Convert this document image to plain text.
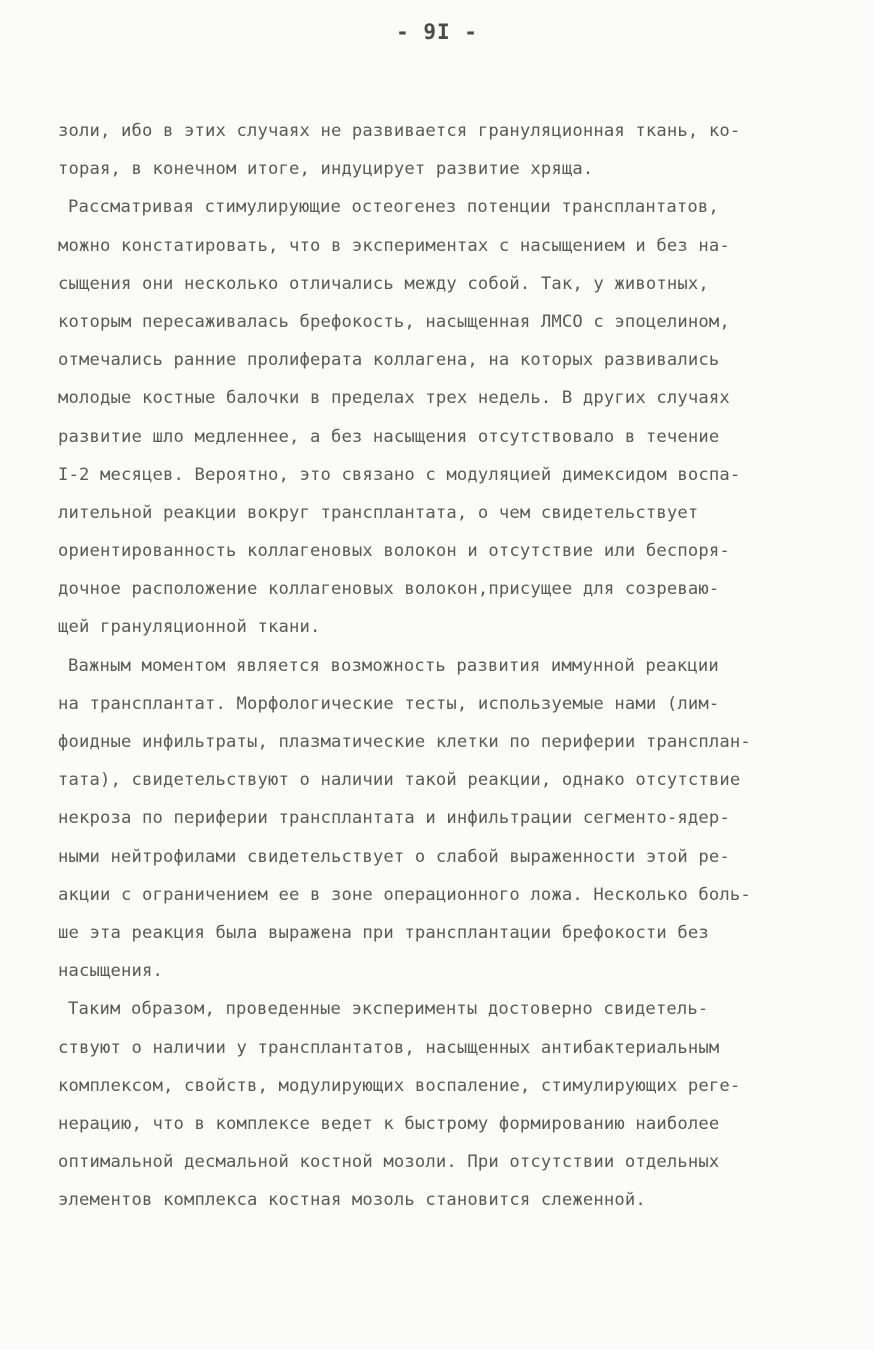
- 9I -
золи, ибо в этих случаях не развивается грануляционная ткань, ко-
торая, в конечном итоге, индуцирует развитие хряща.
Рассматривая стимулирующие остеогенез потенции трансплантатов,
можно констатировать, что в экспериментах с насыщением и без на-
сыщения они несколько отличались между собой. Так, у животных,
которым пересаживалась брефокость, насыщенная ЛМСО с эпоцелином,
отмечались ранние пролиферата коллагена, на которых развивались
молодые костные балочки в пределах трех недель. В других случаях
развитие шло медленнее, а без насыщения отсутствовало в течение
I-2 месяцев. Вероятно, это связано с модуляцией димексидом воспа-
лительной реакции вокруг трансплантата, о чем свидетельствует
ориентированность коллагеновых волокон и отсутствие или беспоря-
дочное расположение коллагеновых волокон,присущее для созреваю-
щей грануляционной ткани.
Важным моментом является возможность развития иммунной реакции
на трансплантат. Морфологические тесты, используемые нами (лим-
фоидные инфильтраты, плазматические клетки по периферии трансплан-
тата), свидетельствуют о наличии такой реакции, однако отсутствие
некроза по периферии трансплантата и инфильтрации сегменто-ядер-
ными нейтрофилами свидетельствует о слабой выраженности этой ре-
акции с ограничением ее в зоне операционного ложа. Несколько боль-
ше эта реакция была выражена при трансплантации брефокости без
насыщения.
Таким образом, проведенные эксперименты достоверно свидетель-
ствуют о наличии у трансплантатов, насыщенных антибактериальным
комплексом, свойств, модулирующих воспаление, стимулирующих реге-
нерацию, что в комплексе ведет к быстрому формированию наиболее
оптимальной десмальной костной мозоли. При отсутствии отдельных
элементов комплекса костная мозоль становится слеженной.
